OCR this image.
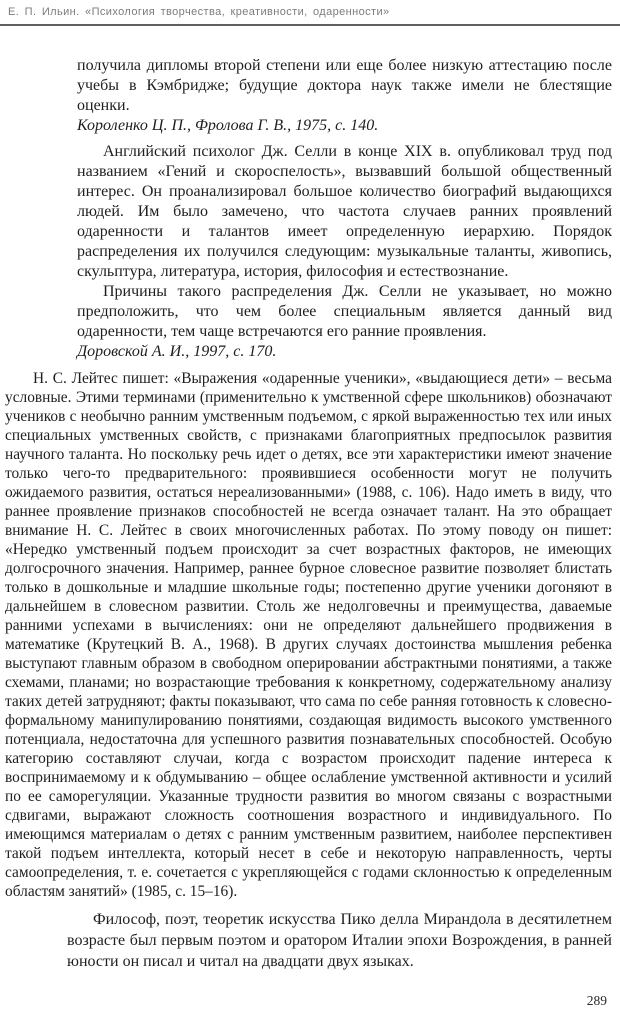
Е. П. Ильин. «Психология творчества, креативности, одаренности»

получила дипломы второй степени или еще более низкую аттестацию после учебы в Кэмбридже; будущие доктора наук также имели не блестящие оценки.

Короленко Ц. П., Фролова Г. В., 1975, с. 140.

Английский психолог Дж. Селли в конце XIX в. опубликовал труд под названием «Гений и скороспелость», вызвавший большой общественный интерес. Он проанализировал большое количество биографий выдающихся людей. Им было замечено, что частота случаев ранних проявлений одаренности и талантов имеет определенную иерархию. Порядок распределения их получился следующим: музыкальные таланты, живопись, скульптура, литература, история, философия и естествознание.

Причины такого распределения Дж. Селли не указывает, но можно предположить, что чем более специальным является данный вид одаренности, тем чаще встречаются его ранние проявления.

Доровской А. И., 1997, с. 170.

Н. С. Лейтес пишет: «Выражения «одаренные ученики», «выдающиеся дети» – весьма условные. Этими терминами (применительно к умственной сфере школьников) обозначают учеников с необычно ранним умственным подъемом, с яркой выраженностью тех или иных специальных умственных свойств, с признаками благоприятных предпосылок развития научного таланта. Но поскольку речь идет о детях, все эти характеристики имеют значение только чего-то предварительного: проявившиеся особенности могут не получить ожидаемого развития, остаться нереализованными» (1988, с. 106). Надо иметь в виду, что раннее проявление признаков способностей не всегда означает талант. На это обращает внимание Н. С. Лейтес в своих многочисленных работах. По этому поводу он пишет: «Нередко умственный подъем происходит за счет возрастных факторов, не имеющих долгосрочного значения. Например, раннее бурное словесное развитие позволяет блистать только в дошкольные и младшие школьные годы; постепенно другие ученики догоняют в дальнейшем в словесном развитии. Столь же недолговечны и преимущества, даваемые ранними успехами в вычислениях: они не определяют дальнейшего продвижения в математике (Крутецкий В. А., 1968). В других случаях достоинства мышления ребенка выступают главным образом в свободном оперировании абстрактными понятиями, а также схемами, планами; но возрастающие требования к конкретному, содержательному анализу таких детей затрудняют; факты показывают, что сама по себе ранняя готовность к словесно-формальному манипулированию понятиями, создающая видимость высокого умственного потенциала, недостаточна для успешного развития познавательных способностей. Особую категорию составляют случаи, когда с возрастом происходит падение интереса к воспринимаемому и к обдумыванию – общее ослабление умственной активности и усилий по ее саморегуляции. Указанные трудности развития во многом связаны с возрастными сдвигами, выражают сложность соотношения возрастного и индивидуального. По имеющимся материалам о детях с ранним умственным развитием, наиболее перспективен такой подъем интеллекта, который несет в себе и некоторую направленность, черты самоопределения, т. е. сочетается с укрепляющейся с годами склонностью к определенным областям занятий» (1985, с. 15–16).

Философ, поэт, теоретик искусства Пико делла Мирандола в десятилетнем возрасте был первым поэтом и оратором Италии эпохи Возрождения, в ранней юности он писал и читал на двадцати двух языках.

289
